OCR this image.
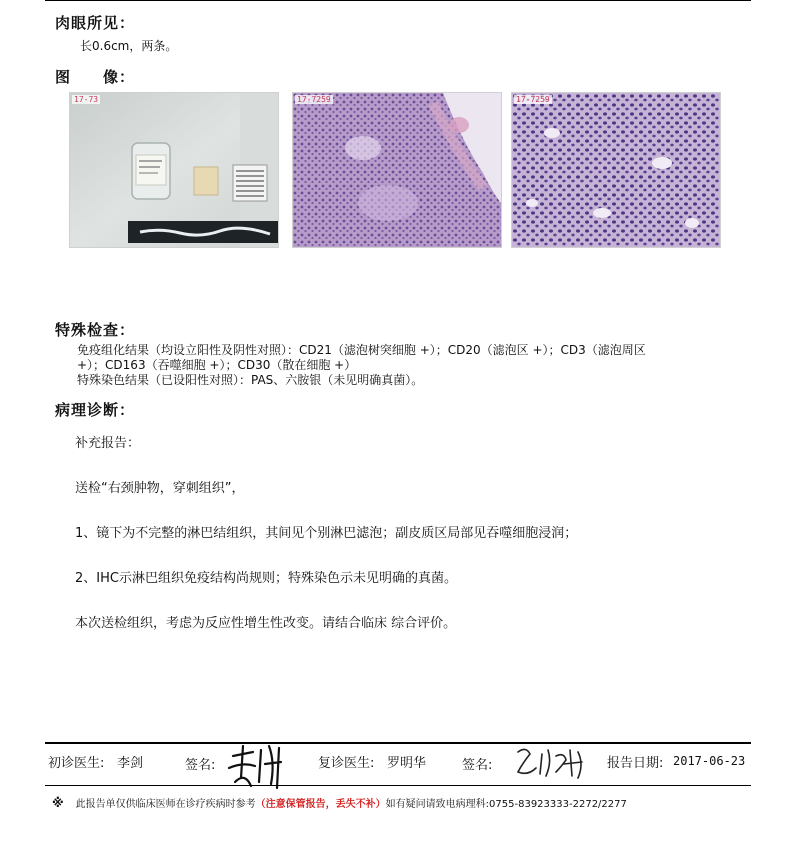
肉眼所见：
长0.6cm，两条。
图　　像：
17-73	17-7259	17-7259
特殊检查：
免疫组化结果（均设立阳性及阴性对照）：CD21（滤泡树突细胞 +）；CD20（滤泡区 +）；CD3（滤泡周区
+）；CD163（吞噬细胞 +）；CD30（散在细胞 +）
特殊染色结果（已设阳性对照）：PAS、六胺银（未见明确真菌）。
病理诊断：
补充报告：
送检“右颈肿物，穿刺组织”，
1、镜下为不完整的淋巴结组织，其间见个别淋巴滤泡；副皮质区局部见吞噬细胞浸润；
2、IHC示淋巴组织免疫结构尚规则；特殊染色示未见明确的真菌。
本次送检组织，考虑为反应性增生性改变。请结合临床 综合评价。
初诊医生: 李剑	签名:	复诊医生: 罗明华	签名:	报告日期: 2017-06-23
※ 此报告单仅供临床医师在诊疗疾病时参考（注意保管报告，丢失不补）如有疑问请致电病理科:0755-83923333-2272/2277
